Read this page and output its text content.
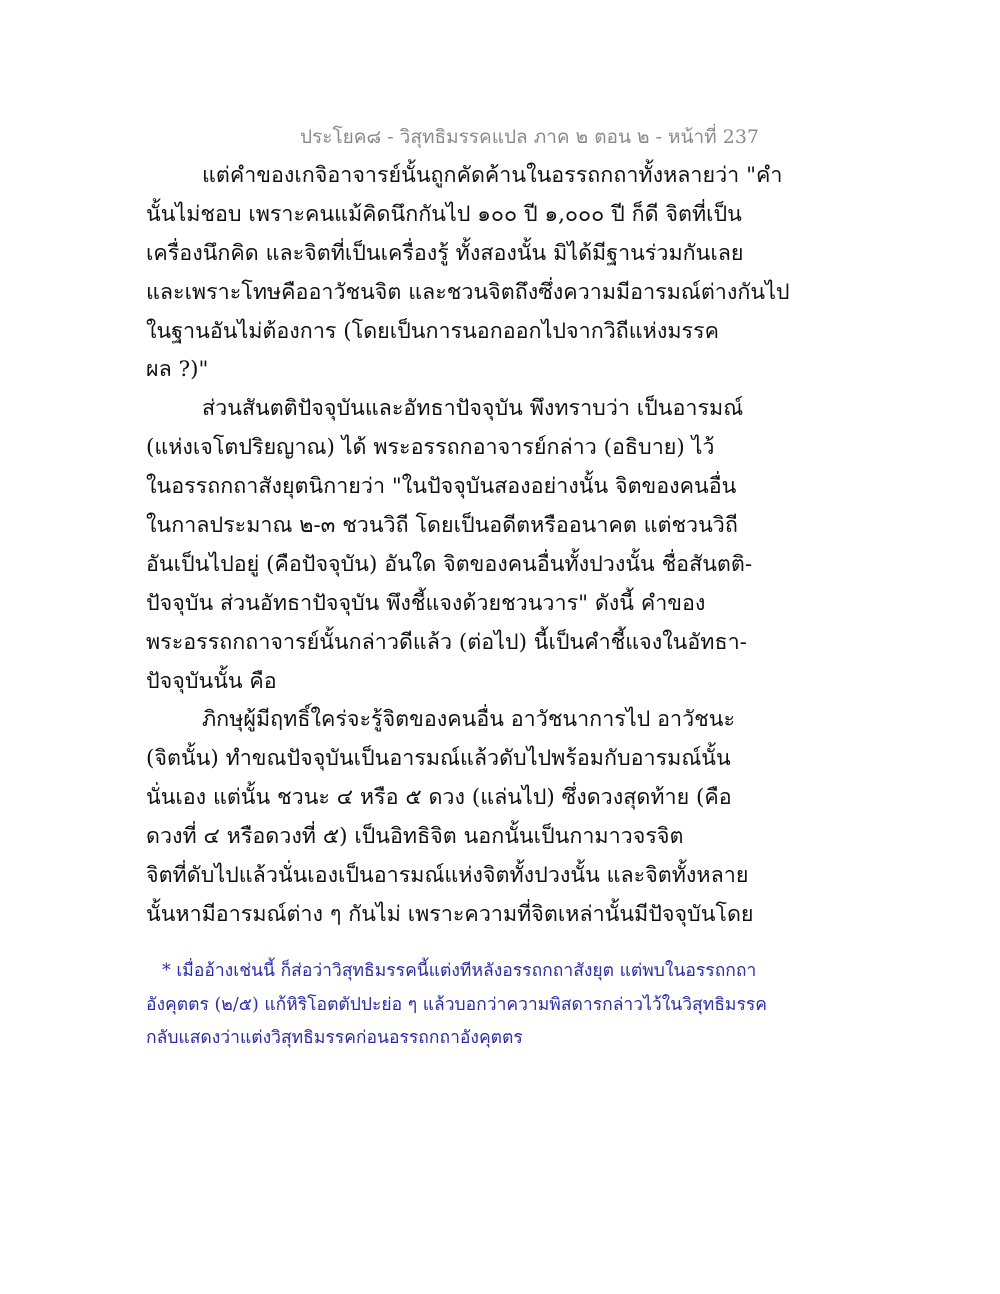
ประโยค๘ - วิสุทธิมรรคแปล ภาค ๒ ตอน ๒ - หน้าที่ 237
แต่คำของเกจิอาจารย์นั้นถูกคัดค้านในอรรถกถาทั้งหลายว่า "คำ
นั้นไม่ชอบ เพราะคนแม้คิดนึกกันไป ๑๐๐ ปี ๑,๐๐๐ ปี ก็ดี จิตที่เป็น
เครื่องนึกคิด และจิตที่เป็นเครื่องรู้ ทั้งสองนั้น มิได้มีฐานร่วมกันเลย
และเพราะโทษคืออาวัชนจิต และชวนจิตถึงซึ่งความมีอารมณ์ต่างกันไป
ในฐานอันไม่ต้องการ (โดยเป็นการนอกออกไปจากวิถีแห่งมรรค
ผล ?)"
ส่วนสันตติปัจจุบันและอัทธาปัจจุบัน พึงทราบว่า เป็นอารมณ์
(แห่งเจโตปริยญาณ) ได้ พระอรรถกอาจารย์กล่าว (อธิบาย) ไว้
ในอรรถกถาสังยุตนิกายว่า "ในปัจจุบันสองอย่างนั้น จิตของคนอื่น
ในกาลประมาณ ๒-๓ ชวนวิถี โดยเป็นอดีตหรืออนาคต แต่ชวนวิถี
อันเป็นไปอยู่ (คือปัจจุบัน) อันใด จิตของคนอื่นทั้งปวงนั้น ชื่อสันตติ-
ปัจจุบัน ส่วนอัทธาปัจจุบัน พึงชี้แจงด้วยชวนวาร" ดังนี้ คำของ
พระอรรถกถาจารย์นั้นกล่าวดีแล้ว (ต่อไป) นี้เป็นคำชี้แจงในอัทธา-
ปัจจุบันนั้น คือ
ภิกษุผู้มีฤทธิ์ใคร่จะรู้จิตของคนอื่น อาวัชนาการไป อาวัชนะ
(จิตนั้น) ทำขณปัจจุบันเป็นอารมณ์แล้วดับไปพร้อมกับอารมณ์นั้น
นั่นเอง แต่นั้น ชวนะ ๔ หรือ ๕ ดวง (แล่นไป) ซึ่งดวงสุดท้าย (คือ
ดวงที่ ๔ หรือดวงที่ ๕) เป็นอิทธิจิต นอกนั้นเป็นกามาวจรจิต
จิตที่ดับไปแล้วนั่นเองเป็นอารมณ์แห่งจิตทั้งปวงนั้น และจิตทั้งหลาย
นั้นหามีอารมณ์ต่าง ๆ กันไม่ เพราะความที่จิตเหล่านั้นมีปัจจุบันโดย
* เมื่ออ้างเช่นนี้ ก็ส่อว่าวิสุทธิมรรคนี้แต่งทีหลังอรรถกถาสังยุต แต่พบในอรรถกถา
อังคุตตร (๒/๕) แก้หิริโอตตัปปะย่อ ๆ แล้วบอกว่าความพิสดารกล่าวไว้ในวิสุทธิมรรค
กลับแสดงว่าแต่งวิสุทธิมรรคก่อนอรรถกถาอังคุตตร
